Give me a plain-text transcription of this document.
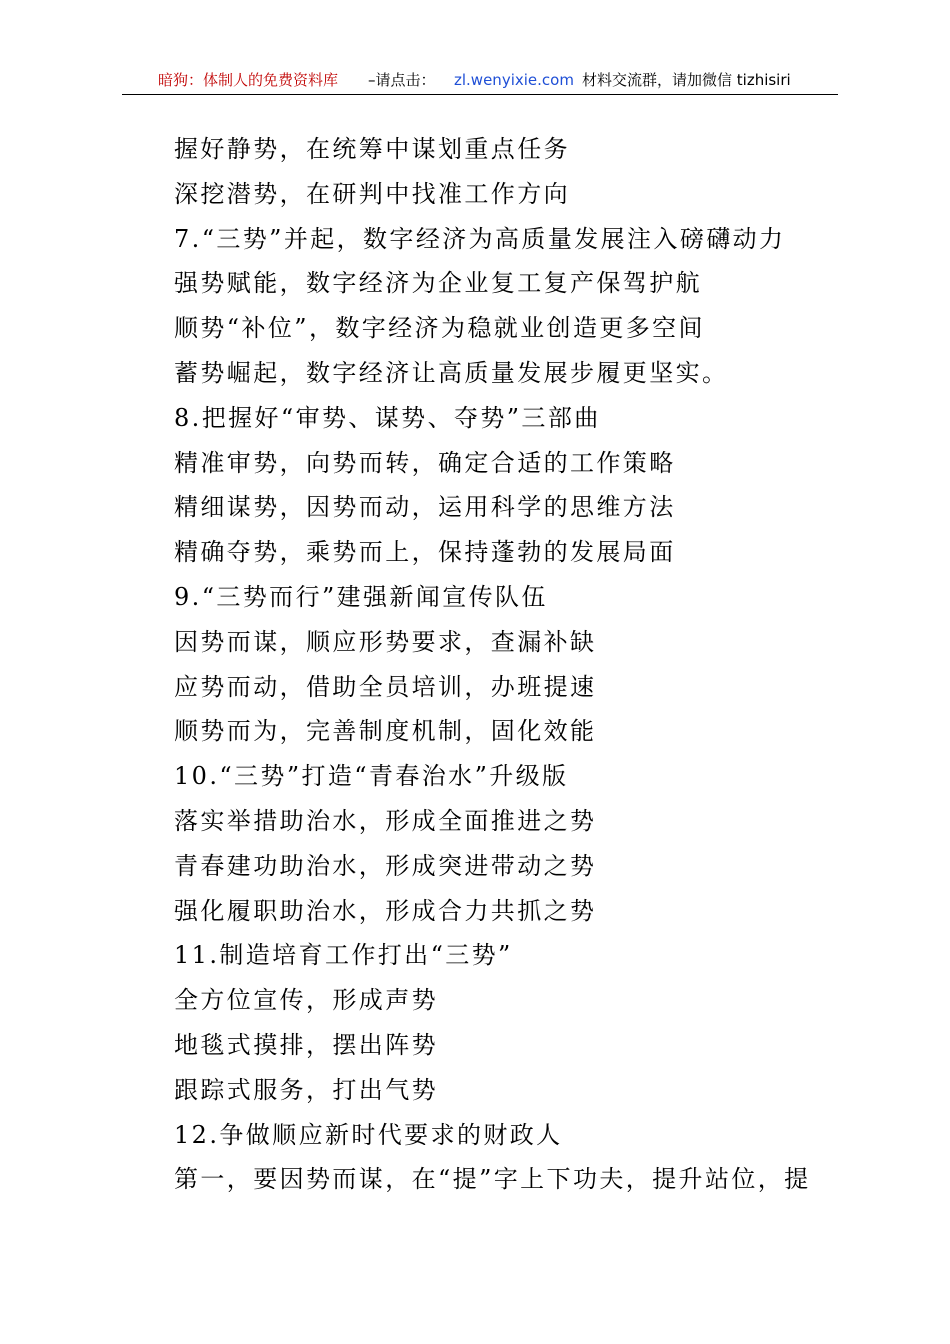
暗狗：体制人的免费资料库 –请点击： zl.wenyixie.com 材料交流群，请加微信 tizhisiri
握好静势，在统筹中谋划重点任务
深挖潜势，在研判中找准工作方向
7.“三势”并起，数字经济为高质量发展注入磅礴动力
强势赋能，数字经济为企业复工复产保驾护航
顺势“补位”，数字经济为稳就业创造更多空间
蓄势崛起，数字经济让高质量发展步履更坚实。
8.把握好“审势、谋势、夺势”三部曲
精准审势，向势而转，确定合适的工作策略
精细谋势，因势而动，运用科学的思维方法
精确夺势，乘势而上，保持蓬勃的发展局面
9.“三势而行”建强新闻宣传队伍
因势而谋，顺应形势要求，查漏补缺
应势而动，借助全员培训，办班提速
顺势而为，完善制度机制，固化效能
10.“三势”打造“青春治水”升级版
落实举措助治水，形成全面推进之势
青春建功助治水，形成突进带动之势
强化履职助治水，形成合力共抓之势
11.制造培育工作打出“三势”
全方位宣传，形成声势
地毯式摸排，摆出阵势
跟踪式服务，打出气势
12.争做顺应新时代要求的财政人
第一，要因势而谋，在“提”字上下功夫，提升站位，提
